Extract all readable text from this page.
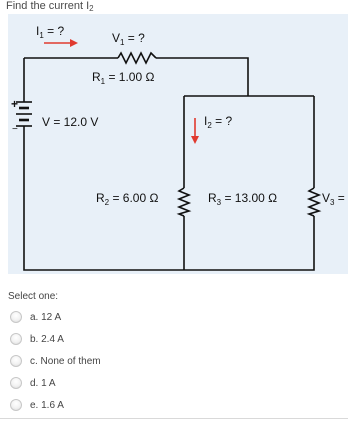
Find the current I2
$I_1$ = ?	$V_1$ = ?
$R_1 = 1.00$ Ω
+
−
V = 12.0 V	$I_2$ = ?
$R_2 = 6.00$ Ω	$R_3 = 13.00$ Ω	$V_3$ =
Select one:
a. 12 A
b. 2.4 A
c. None of them
d. 1 A
e. 1.6 A
